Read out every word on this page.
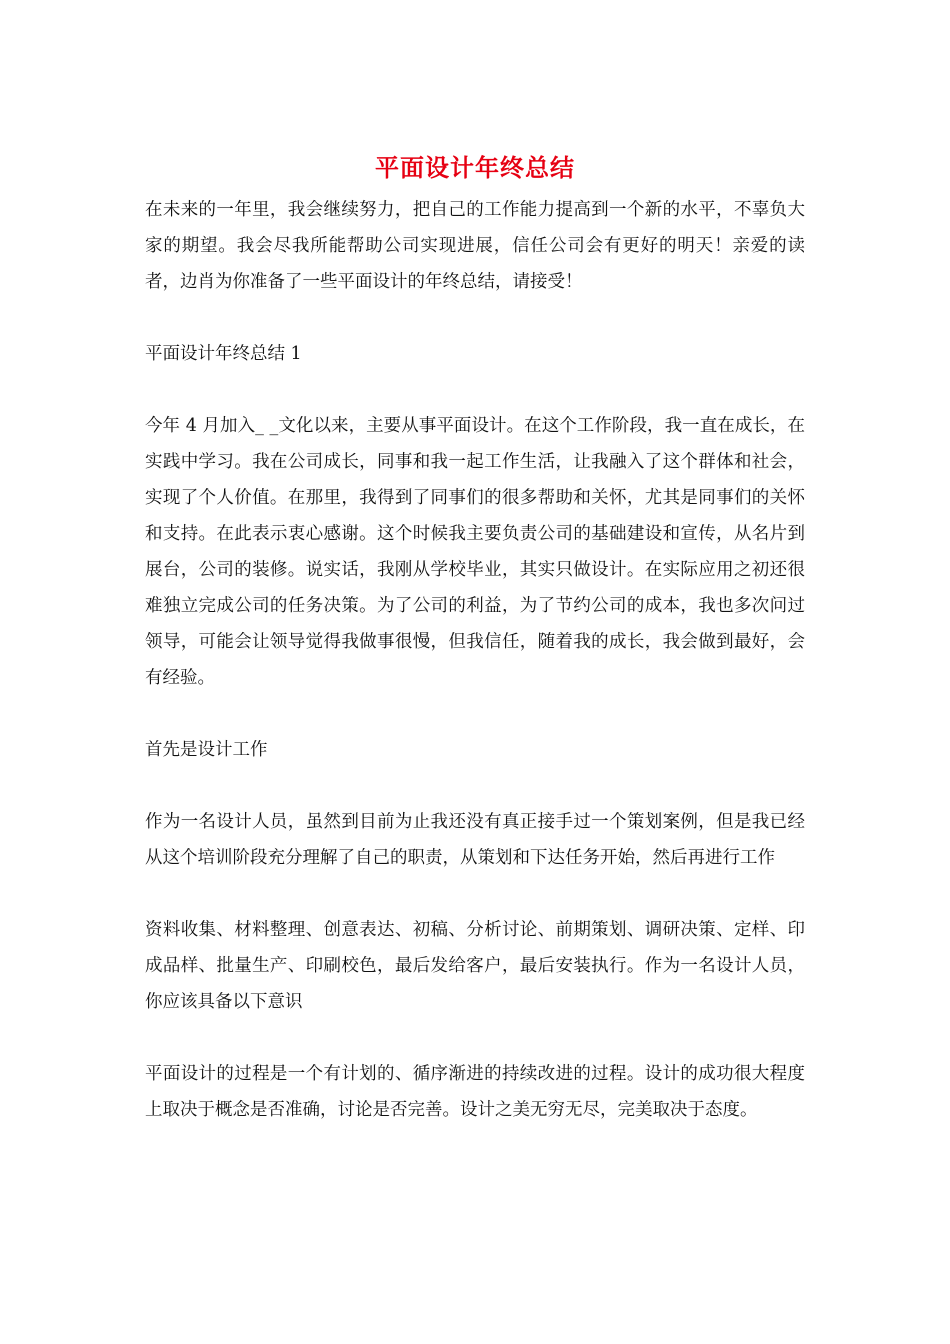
平面设计年终总结

在未来的一年里，我会继续努力，把自己的工作能力提高到一个新的水平，不辜负大家的期望。我会尽我所能帮助公司实现进展，信任公司会有更好的明天！亲爱的读者，边肖为你准备了一些平面设计的年终总结，请接受！

平面设计年终总结 1

今年 4 月加入_ _文化以来，主要从事平面设计。在这个工作阶段，我一直在成长，在实践中学习。我在公司成长，同事和我一起工作生活，让我融入了这个群体和社会，实现了个人价值。在那里，我得到了同事们的很多帮助和关怀，尤其是同事们的关怀和支持。在此表示衷心感谢。这个时候我主要负责公司的基础建设和宣传，从名片到展台，公司的装修。说实话，我刚从学校毕业，其实只做设计。在实际应用之初还很难独立完成公司的任务决策。为了公司的利益，为了节约公司的成本，我也多次问过领导，可能会让领导觉得我做事很慢，但我信任，随着我的成长，我会做到最好，会有经验。

首先是设计工作

作为一名设计人员，虽然到目前为止我还没有真正接手过一个策划案例，但是我已经从这个培训阶段充分理解了自己的职责，从策划和下达任务开始，然后再进行工作

资料收集、材料整理、创意表达、初稿、分析讨论、前期策划、调研决策、定样、印成品样、批量生产、印刷校色，最后发给客户，最后安装执行。作为一名设计人员，你应该具备以下意识

平面设计的过程是一个有计划的、循序渐进的持续改进的过程。设计的成功很大程度上取决于概念是否准确，讨论是否完善。设计之美无穷无尽，完美取决于态度。
